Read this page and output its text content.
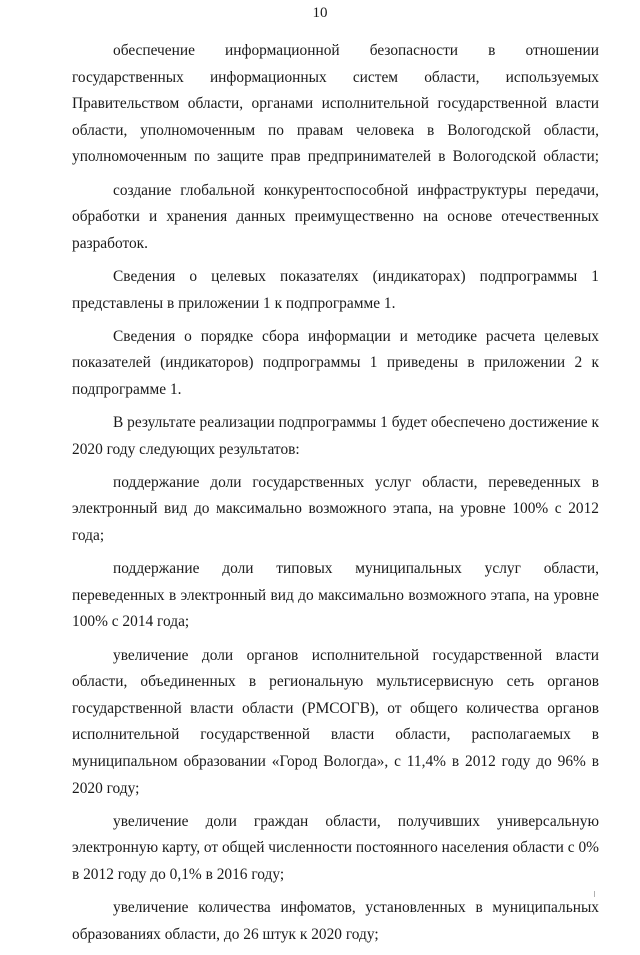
10

обеспечение информационной безопасности в отношении государственных информационных систем области, используемых Правительством области, органами исполнительной государственной власти области, уполномоченным по правам человека в Вологодской области, уполномоченным по защите прав предпринимателей в Вологодской области;

создание глобальной конкурентоспособной инфраструктуры передачи, обработки и хранения данных преимущественно на основе отечественных разработок.

Сведения о целевых показателях (индикаторах) подпрограммы 1 представлены в приложении 1 к подпрограмме 1.

Сведения о порядке сбора информации и методике расчета целевых показателей (индикаторов) подпрограммы 1 приведены в приложении 2 к подпрограмме 1.

В результате реализации подпрограммы 1 будет обеспечено достижение к 2020 году следующих результатов:

поддержание доли государственных услуг области, переведенных в электронный вид до максимально возможного этапа, на уровне 100% с 2012 года;

поддержание доли типовых муниципальных услуг области, переведенных в электронный вид до максимально возможного этапа, на уровне 100% с 2014 года;

увеличение доли органов исполнительной государственной власти области, объединенных в региональную мультисервисную сеть органов государственной власти области (РМСОГВ), от общего количества органов исполнительной государственной власти области, располагаемых в муниципальном образовании «Город Вологда», с 11,4% в 2012 году до 96% в 2020 году;

увеличение доли граждан области, получивших универсальную электронную карту, от общей численности постоянного населения области с 0% в 2012 году до 0,1% в 2016 году;

увеличение количества инфоматов, установленных в муниципальных образованиях области, до 26 штук к 2020 году;
